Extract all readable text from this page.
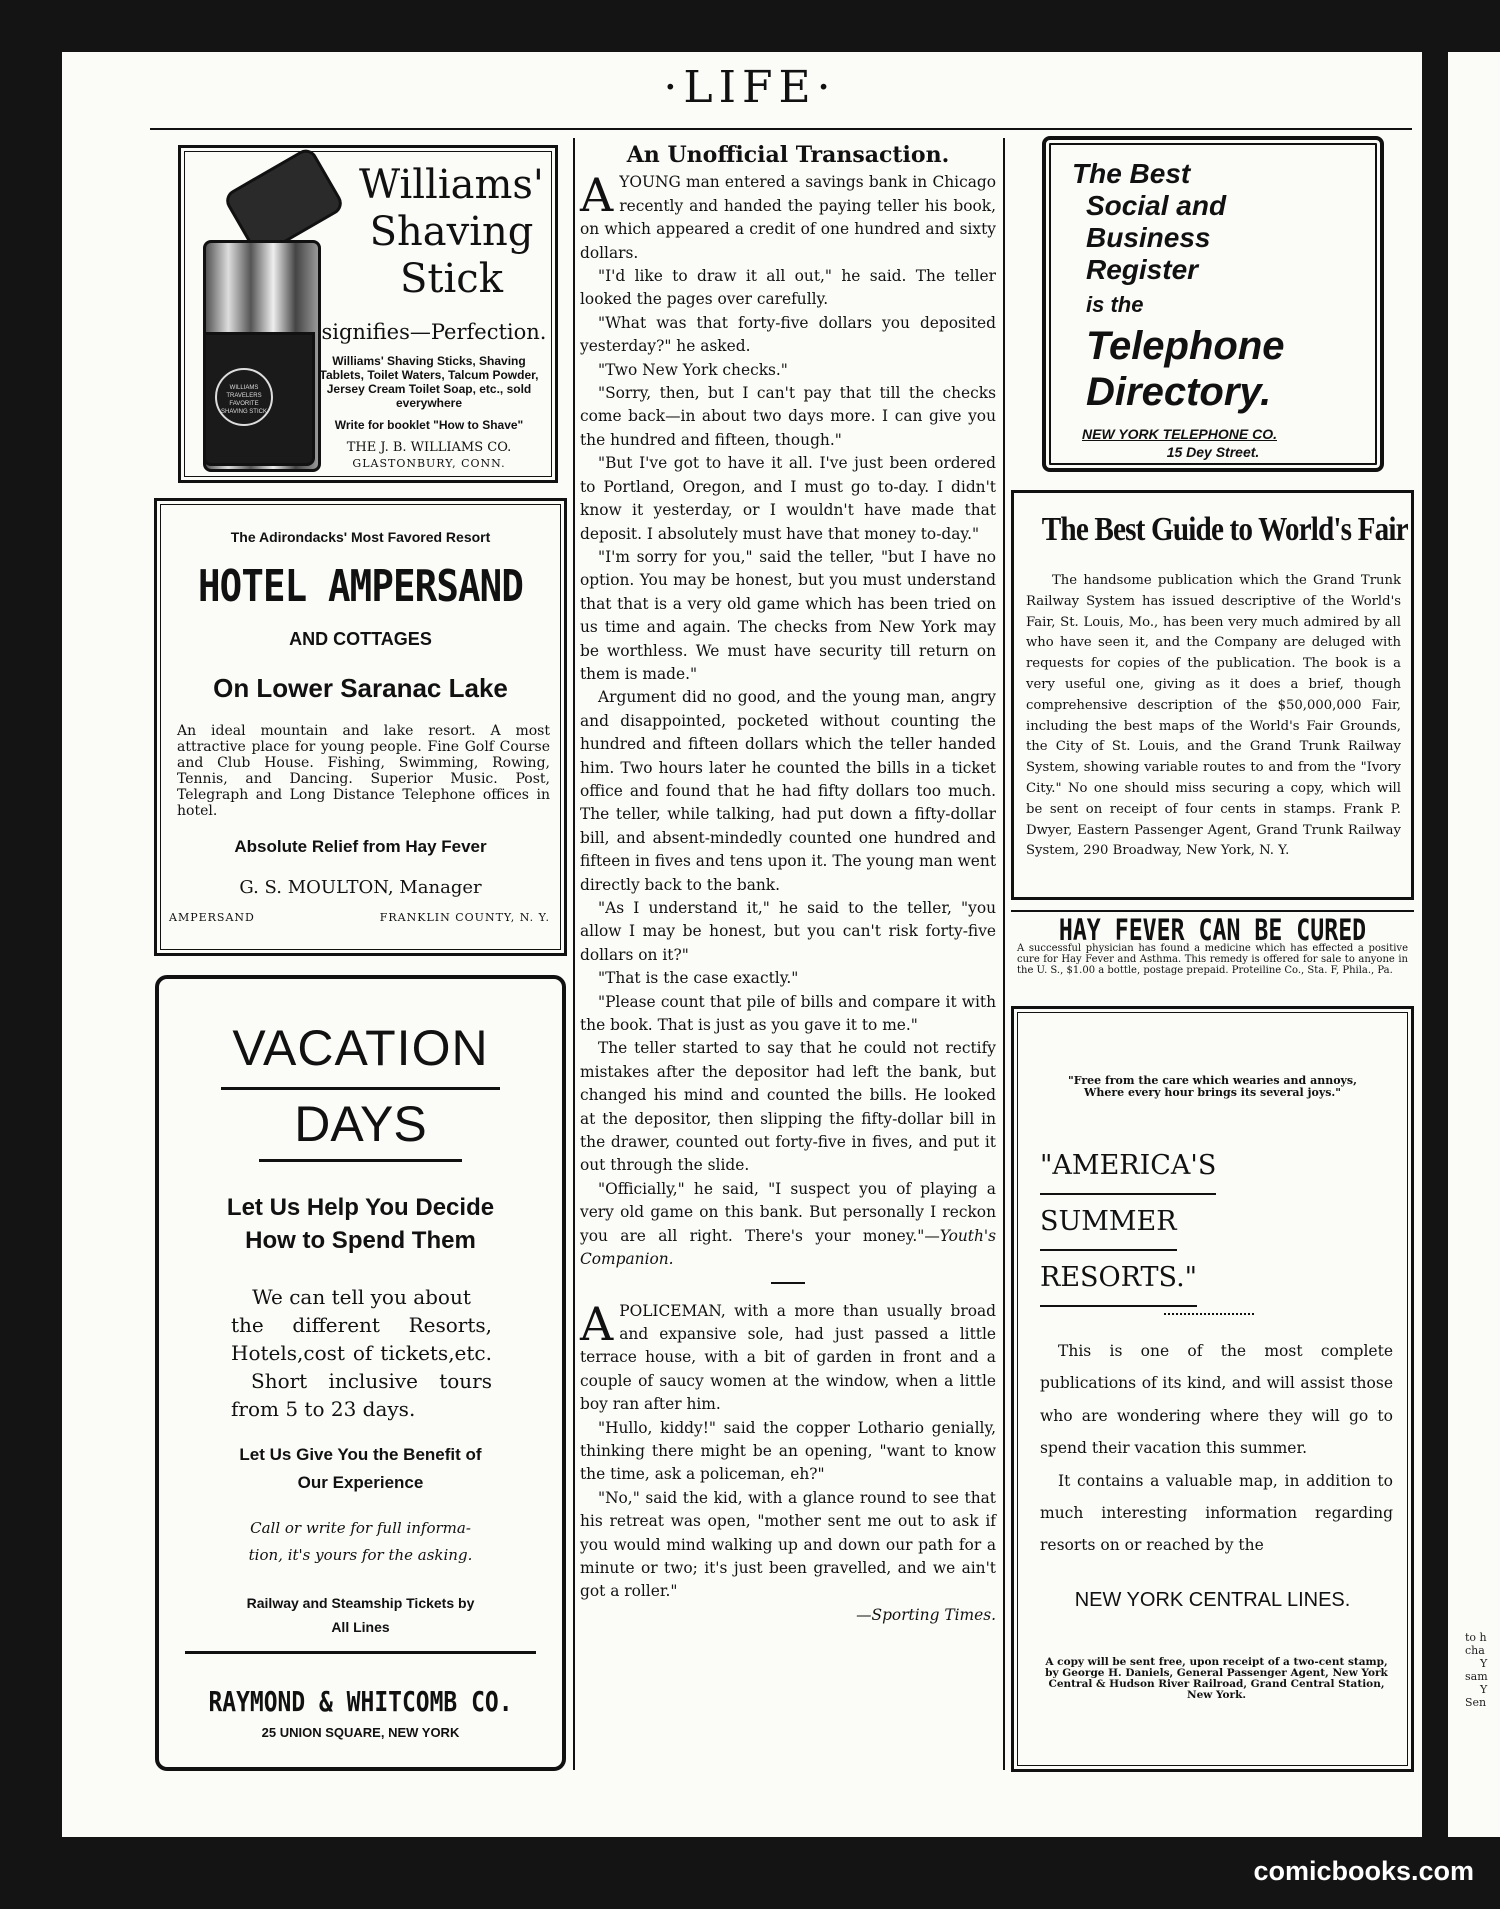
to h
cha
Y
sam
Y
Sen
·LIFE·
WILLIAMS
TRAVELERS
FAVORITE
SHAVING STICK
Williams'
Shaving
Stick
signifies—Perfection.
Williams' Shaving Sticks, Shaving Tablets, Toilet Waters, Talcum Powder, Jersey Cream Toilet Soap, etc., sold everywhere
Write for booklet "How to Shave"
THE J. B. WILLIAMS CO.
GLASTONBURY, CONN.
The Adirondacks' Most Favored Resort
HOTEL AMPERSAND
AND COTTAGES
On Lower Saranac Lake
An ideal mountain and lake resort. A most attractive place for young people. Fine Golf Course and Club House. Fishing, Swimming, Rowing, Tennis, and Dancing. Superior Music. Post, Telegraph and Long Distance Telephone offices in hotel.
Absolute Relief from Hay Fever
G. S. MOULTON, Manager
AMPERSAND	FRANKLIN COUNTY, N. Y.
VACATION
DAYS
Let Us Help You Decide
How to Spend Them
We can tell you about
the different Resorts,
Hotels,cost of tickets,etc.
Short inclusive tours
from 5 to 23 days.
Let Us Give You the Benefit of
Our Experience
Call or write for full informa-
tion, it's yours for the asking.
Railway and Steamship Tickets by
All Lines
RAYMOND & WHITCOMB CO.
25 UNION SQUARE, NEW YORK
An Unofficial Transaction.

AYOUNG man entered a savings bank in Chicago recently and handed the paying teller his book, on which appeared a credit of one hundred and sixty dollars.

"I'd like to draw it all out," he said. The teller looked the pages over carefully.

"What was that forty-five dollars you deposited yesterday?" he asked.

"Two New York checks."

"Sorry, then, but I can't pay that till the checks come back—in about two days more. I can give you the hundred and fifteen, though."

"But I've got to have it all. I've just been ordered to Portland, Oregon, and I must go to-day. I didn't know it yesterday, or I wouldn't have made that deposit. I absolutely must have that money to-day."

"I'm sorry for you," said the teller, "but I have no option. You may be honest, but you must understand that that is a very old game which has been tried on us time and again. The checks from New York may be worthless. We must have security till return on them is made."

Argument did no good, and the young man, angry and disappointed, pocketed without counting the hundred and fifteen dollars which the teller handed him. Two hours later he counted the bills in a ticket office and found that he had fifty dollars too much. The teller, while talking, had put down a fifty-dollar bill, and absent-mindedly counted one hundred and fifteen in fives and tens upon it. The young man went directly back to the bank.

"As I understand it," he said to the teller, "you allow I may be honest, but you can't risk forty-five dollars on it?"

"That is the case exactly."

"Please count that pile of bills and compare it with the book. That is just as you gave it to me."

The teller started to say that he could not rectify mistakes after the depositor had left the bank, but changed his mind and counted the bills. He looked at the depositor, then slipping the fifty-dollar bill in the drawer, counted out forty-five in fives, and put it out through the slide.

"Officially," he said, "I suspect you of playing a very old game on this bank. But personally I reckon you are all right. There's your money."—Youth's Companion.

APOLICEMAN, with a more than usually broad and expansive sole, had just passed a little terrace house, with a bit of garden in front and a couple of saucy women at the window, when a little boy ran after him.

"Hullo, kiddy!" said the copper Lothario genially, thinking there might be an opening, "want to know the time, ask a policeman, eh?"

"No," said the kid, with a glance round to see that his retreat was open, "mother sent me out to ask if you would mind walking up and down our path for a minute or two; it's just been gravelled, and we ain't got a roller."

—Sporting Times.
The Best
Social and
Business
Register
is the
Telephone
Directory.
NEW YORK TELEPHONE CO.
15 Dey Street.
The Best Guide to World's Fair
The handsome publication which the Grand Trunk Railway System has issued descriptive of the World's Fair, St. Louis, Mo., has been very much admired by all who have seen it, and the Company are deluged with requests for copies of the publication. The book is a very useful one, giving as it does a brief, though comprehensive description of the $50,000,000 Fair, including the best maps of the World's Fair Grounds, the City of St. Louis, and the Grand Trunk Railway System, showing variable routes to and from the "Ivory City." No one should miss securing a copy, which will be sent on receipt of four cents in stamps. Frank P. Dwyer, Eastern Passenger Agent, Grand Trunk Railway System, 290 Broadway, New York, N. Y.
HAY FEVER CAN BE CURED
A successful physician has found a medicine which has effected a positive cure for Hay Fever and Asthma. This remedy is offered for sale to anyone in the U. S., $1.00 a bottle, postage prepaid. Proteiline Co., Sta. F, Phila., Pa.
"Free from the care which wearies and annoys,
Where every hour brings its several joys."
"AMERICA'S
SUMMER
RESORTS."

This is one of the most complete publications of its kind, and will assist those who are wondering where they will go to spend their vacation this summer.

It contains a valuable map, in addition to much interesting information regarding resorts on or reached by the

NEW YORK CENTRAL LINES.
A copy will be sent free, upon receipt of a two-cent stamp, by George H. Daniels, General Passenger Agent, New York Central & Hudson River Railroad, Grand Central Station, New York.
comicbooks.com
